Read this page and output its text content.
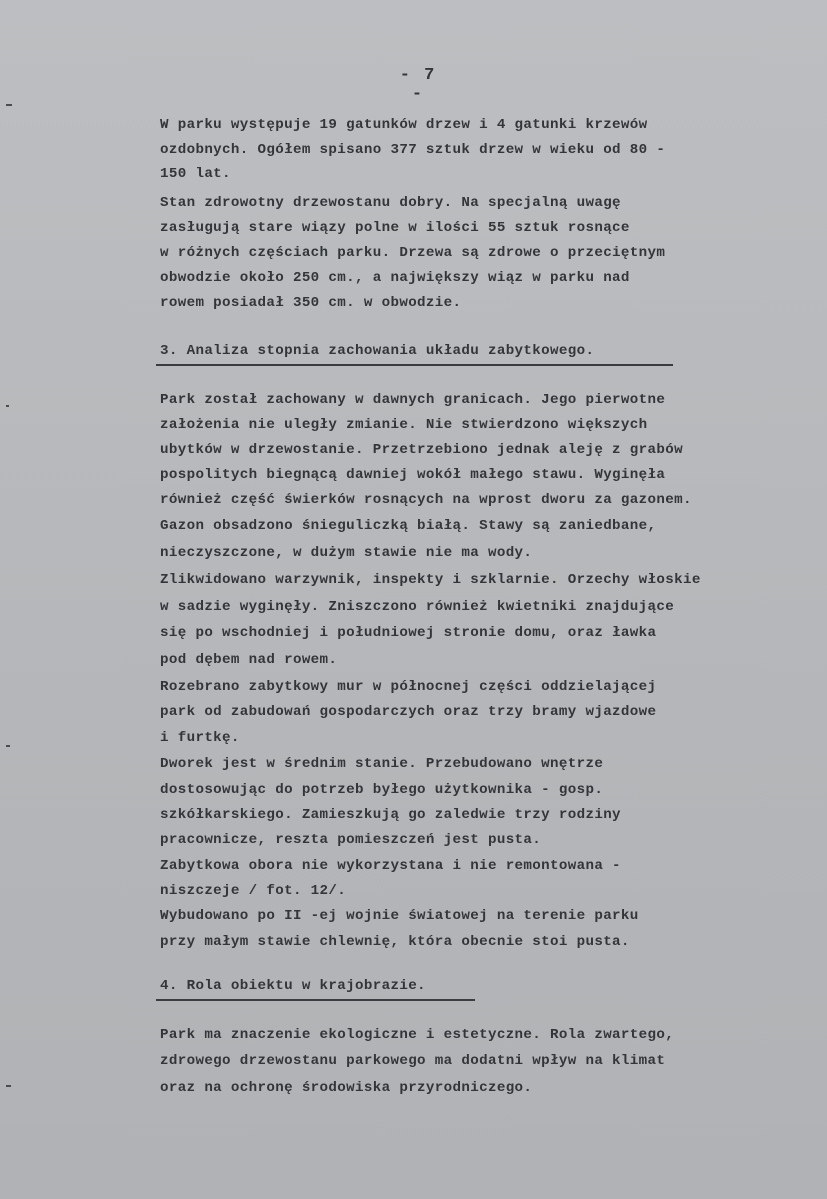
- 7 -
W parku występuje 19 gatunków drzew i 4 gatunki krzewów
ozdobnych. Ogółem spisano 377 sztuk drzew w wieku od 80 -
150 lat.
Stan zdrowotny drzewostanu dobry. Na specjalną uwagę
zasługują stare wiązy polne w ilości 55 sztuk rosnące
w różnych częściach parku. Drzewa są zdrowe o przeciętnym
obwodzie około 250 cm., a największy wiąz w parku nad
rowem posiadał 350 cm. w obwodzie.
3. Analiza stopnia zachowania układu zabytkowego.
Park został zachowany w dawnych granicach. Jego pierwotne
założenia nie uległy zmianie. Nie stwierdzono większych
ubytków w drzewostanie. Przetrzebiono jednak aleję z grabów
pospolitych biegnącą dawniej wokół małego stawu. Wyginęła
również część świerków rosnących na wprost dworu za gazonem.
Gazon obsadzono śnieguliczką białą. Stawy są zaniedbane,
nieczyszczone, w dużym stawie nie ma wody.
Zlikwidowano warzywnik, inspekty i szklarnie. Orzechy włoskie
w sadzie wyginęły. Zniszczono również kwietniki znajdujące
się po wschodniej i południowej stronie domu, oraz ławka
pod dębem nad rowem.
Rozebrano zabytkowy mur w północnej części oddzielającej
park od zabudowań gospodarczych oraz trzy bramy wjazdowe
i furtkę.
Dworek jest w średnim stanie. Przebudowano wnętrze
dostosowując do potrzeb byłego użytkownika - gosp.
szkółkarskiego. Zamieszkują go zaledwie trzy rodziny
pracownicze, reszta pomieszczeń jest pusta.
Zabytkowa obora nie wykorzystana i nie remontowana -
niszczeje / fot. 12/.
Wybudowano po II -ej wojnie światowej na terenie parku
przy małym stawie chlewnię, która obecnie stoi pusta.
4. Rola obiektu w krajobrazie.
Park ma znaczenie ekologiczne i estetyczne. Rola zwartego,
zdrowego drzewostanu parkowego ma dodatni wpływ na klimat
oraz na ochronę środowiska przyrodniczego.
